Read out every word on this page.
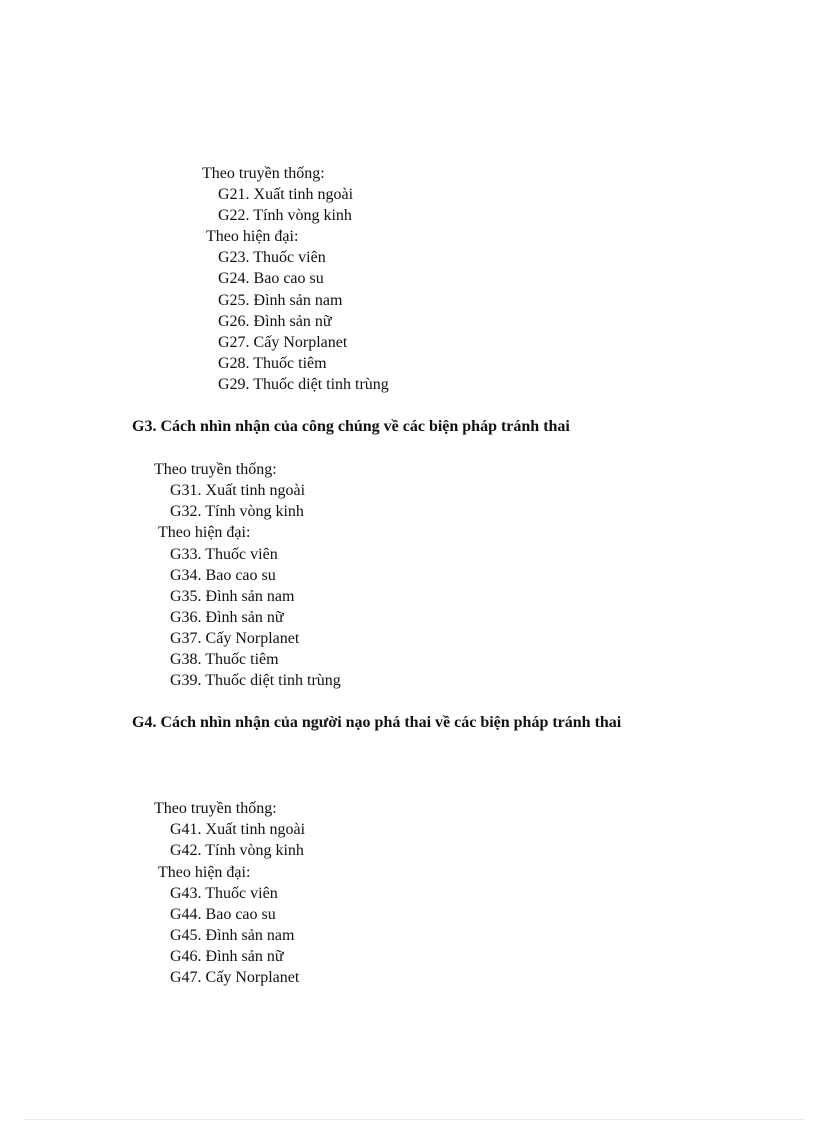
Theo truyền thống:

G21. Xuất tinh ngoài

G22. Tính vòng kinh

Theo hiện đại:

G23. Thuốc viên

G24. Bao cao su

G25. Đình sản nam

G26. Đình sản nữ

G27. Cấy Norplanet

G28. Thuốc tiêm

G29. Thuốc diệt tinh trùng

G3. Cách nhìn nhận của công chúng về các biện pháp tránh thai

Theo truyền thống:

G31. Xuất tinh ngoài

G32. Tính vòng kinh

Theo hiện đại:

G33. Thuốc viên

G34. Bao cao su

G35. Đình sản nam

G36. Đình sản nữ

G37. Cấy Norplanet

G38. Thuốc tiêm

G39. Thuốc diệt tinh trùng

G4. Cách nhìn nhận của người nạo phá thai về các biện pháp tránh thai

Theo truyền thống:

G41. Xuất tinh ngoài

G42. Tính vòng kinh

Theo hiện đại:

G43. Thuốc viên

G44. Bao cao su

G45. Đình sản nam

G46. Đình sản nữ

G47. Cấy Norplanet
